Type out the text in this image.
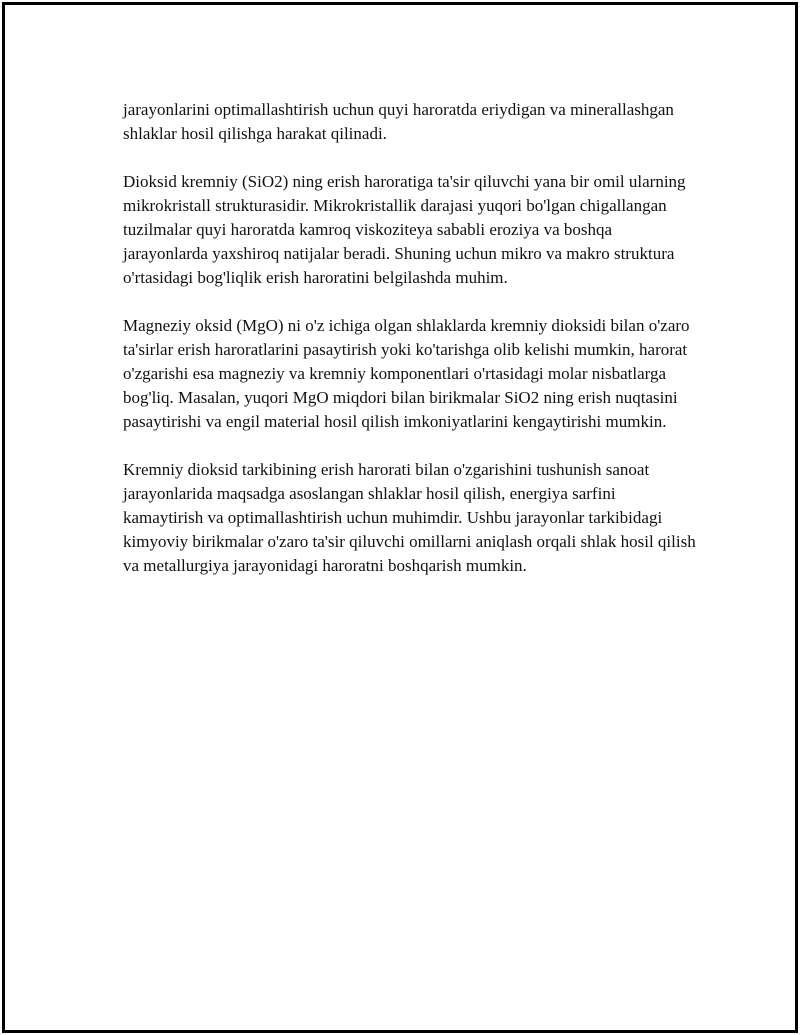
jarayonlarini optimallashtirish uchun quyi haroratda eriydigan va minerallashgan shlaklar hosil qilishga harakat qilinadi.

Dioksid kremniy (SiO2) ning erish haroratiga ta'sir qiluvchi yana bir omil ularning mikrokristall strukturasidir. Mikrokristallik darajasi yuqori bo'lgan chigallangan tuzilmalar quyi haroratda kamroq viskoziteya sababli eroziya va boshqa jarayonlarda yaxshiroq natijalar beradi. Shuning uchun mikro va makro struktura o'rtasidagi bog'liqlik erish haroratini belgilashda muhim.

Magneziy oksid (MgO) ni o'z ichiga olgan shlaklarda kremniy dioksidi bilan o'zaro ta'sirlar erish haroratlarini pasaytirish yoki ko'tarishga olib kelishi mumkin, harorat o'zgarishi esa magneziy va kremniy komponentlari o'rtasidagi molar nisbatlarga bog'liq. Masalan, yuqori MgO miqdori bilan birikmalar SiO2 ning erish nuqtasini pasaytirishi va engil material hosil qilish imkoniyatlarini kengaytirishi mumkin.

Kremniy dioksid tarkibining erish harorati bilan o'zgarishini tushunish sanoat jarayonlarida maqsadga asoslangan shlaklar hosil qilish, energiya sarfini kamaytirish va optimallashtirish uchun muhimdir. Ushbu jarayonlar tarkibidagi kimyoviy birikmalar o'zaro ta'sir qiluvchi omillarni aniqlash orqali shlak hosil qilish va metallurgiya jarayonidagi haroratni boshqarish mumkin.
